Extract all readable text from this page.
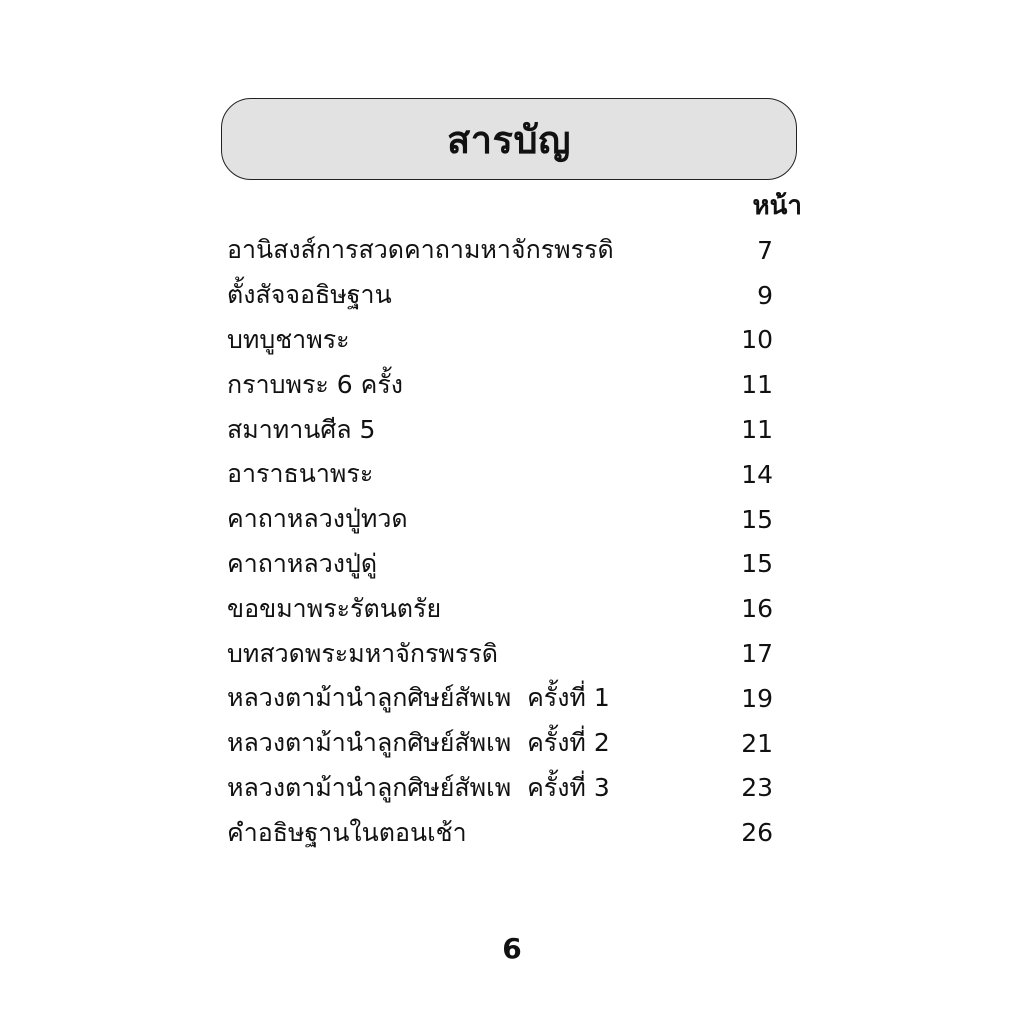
สารบัญ
หน้า
อานิสงส์การสวดคาถามหาจักรพรรดิ	7
ตั้งสัจจอธิษฐาน	9
บทบูชาพระ	10
กราบพระ 6 ครั้ง	11
สมาทานศีล 5	11
อาราธนาพระ	14
คาถาหลวงปู่ทวด	15
คาถาหลวงปู่ดู่	15
ขอขมาพระรัตนตรัย	16
บทสวดพระมหาจักรพรรดิ	17
หลวงตาม้านำลูกศิษย์สัพเพ  ครั้งที่ 1	19
หลวงตาม้านำลูกศิษย์สัพเพ  ครั้งที่ 2	21
หลวงตาม้านำลูกศิษย์สัพเพ  ครั้งที่ 3	23
คำอธิษฐานในตอนเช้า	26
6
